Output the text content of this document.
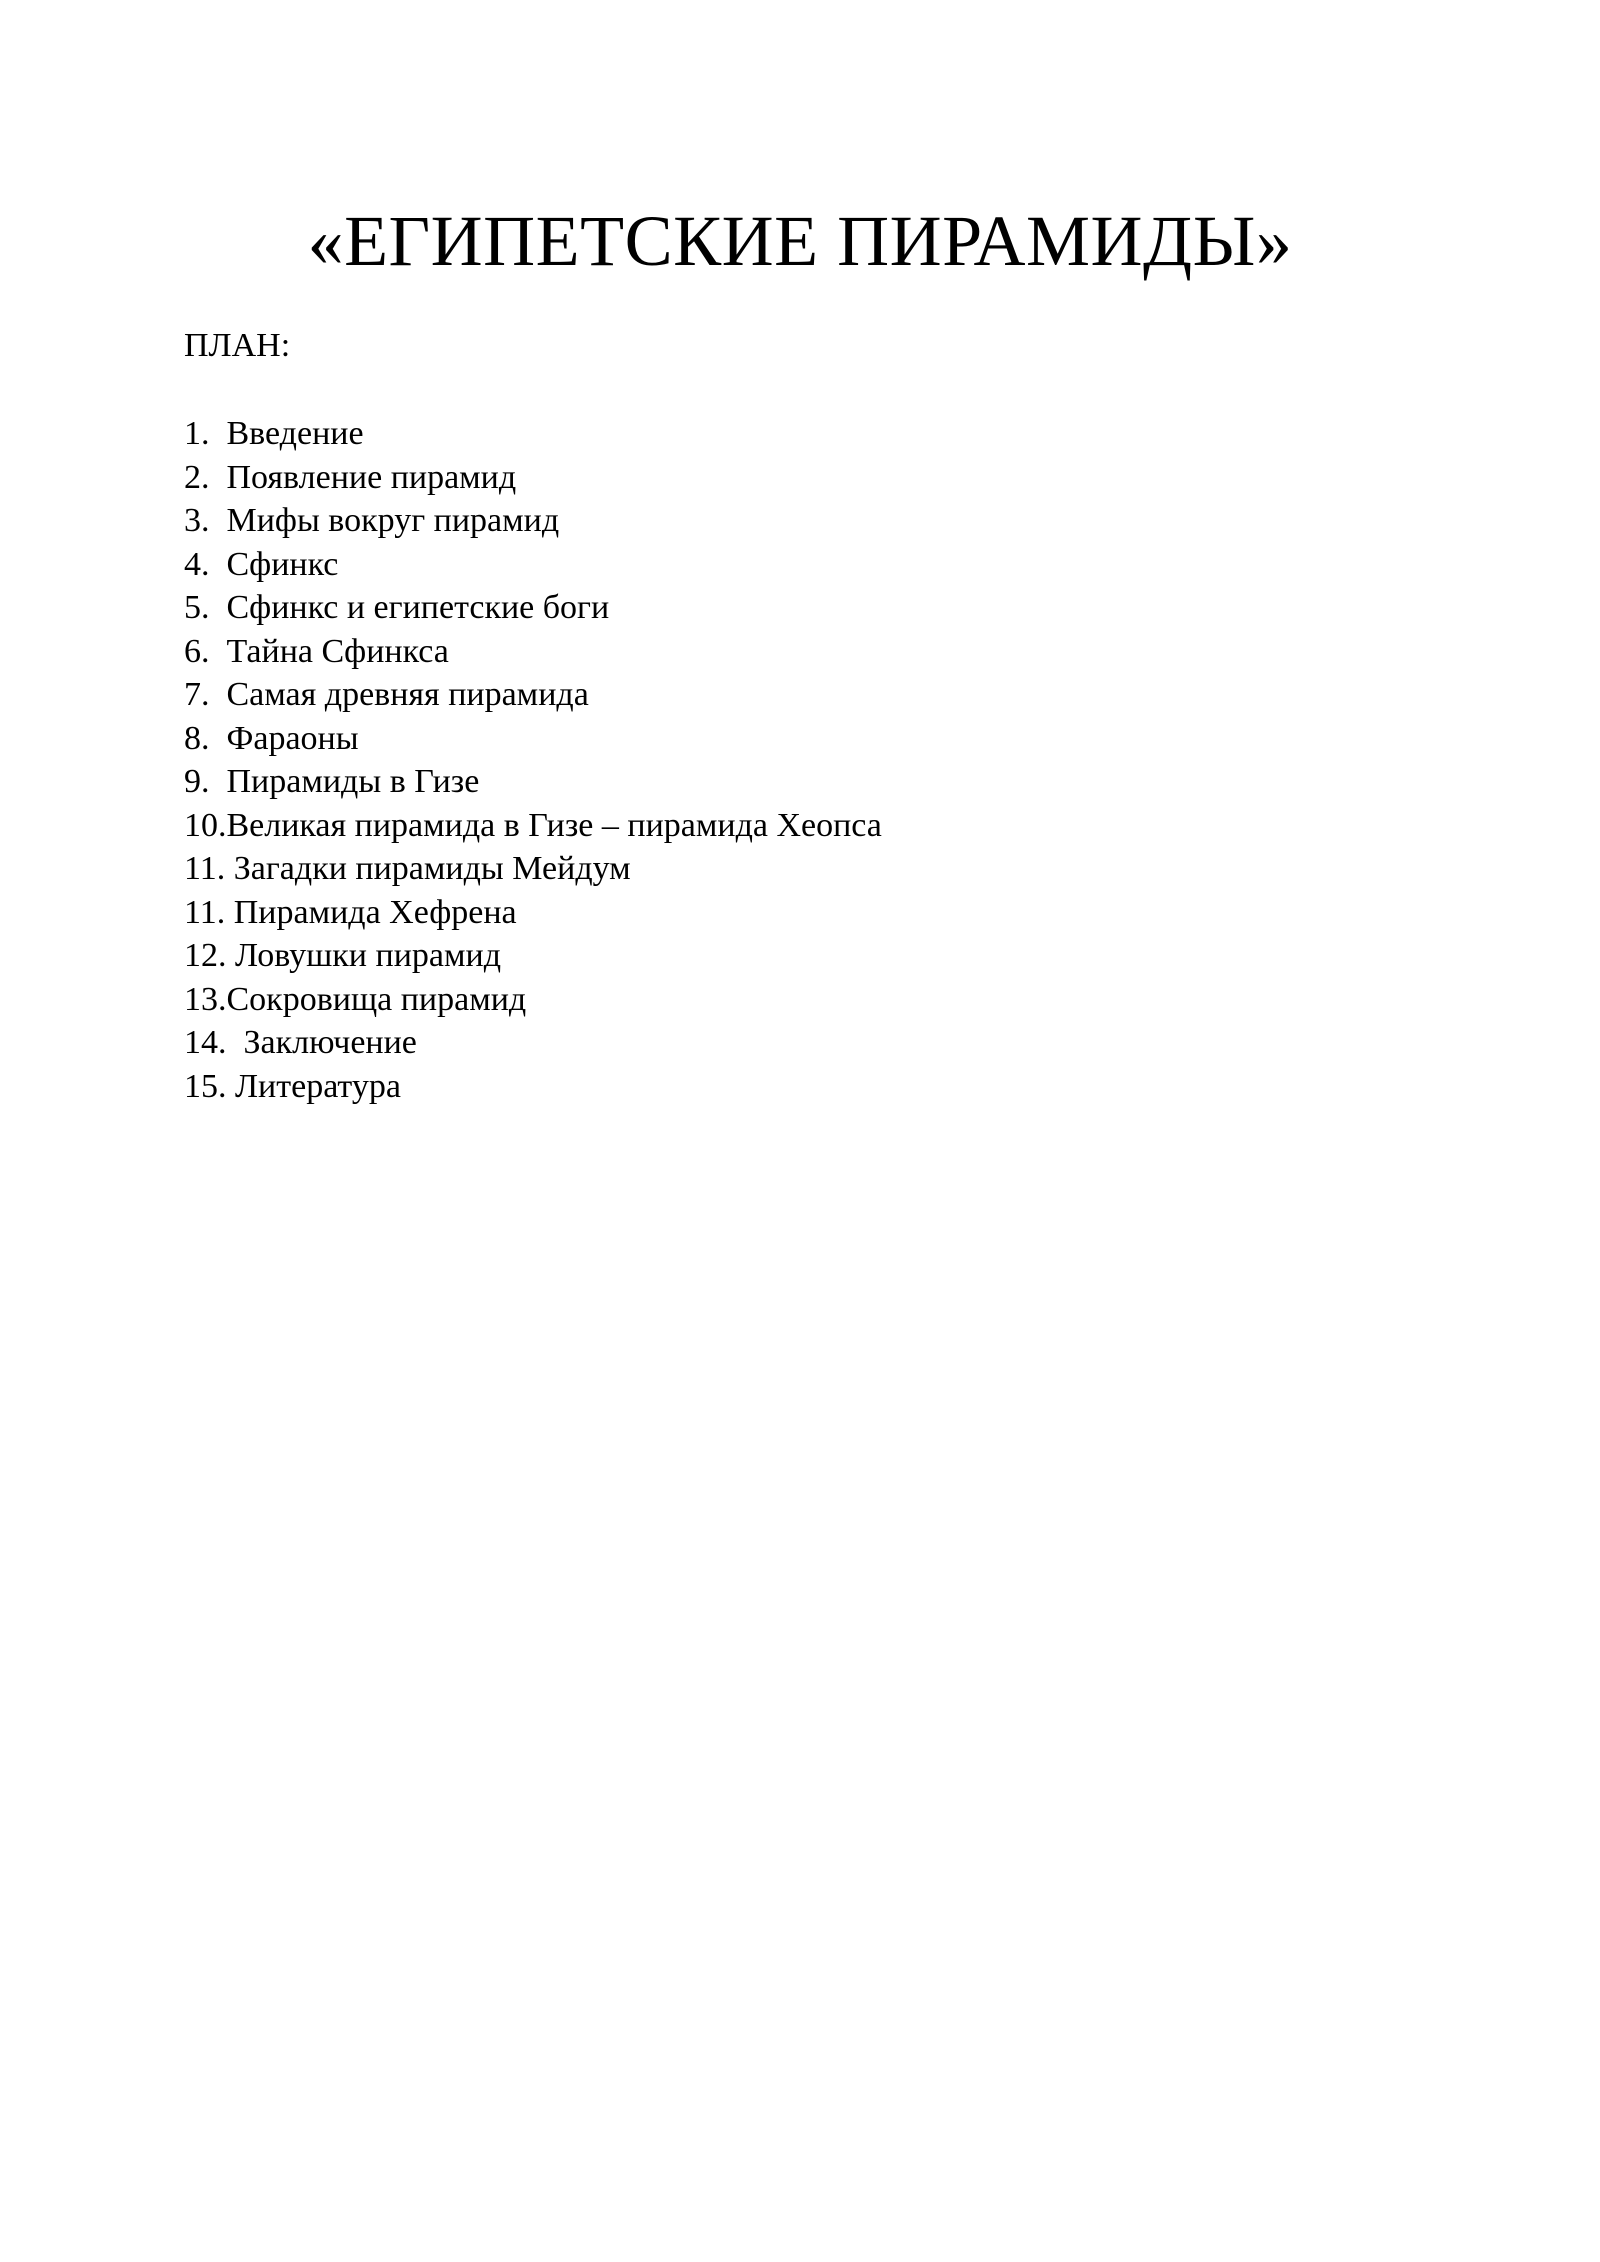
«ЕГИПЕТСКИЕ ПИРАМИДЫ»
ПЛАН:
1.  Введение
2.  Появление пирамид
3.  Мифы вокруг пирамид
4.  Сфинкс
5.  Сфинкс и египетские боги
6.  Тайна Сфинкса
7.  Самая древняя пирамида
8.  Фараоны
9.  Пирамиды в Гизе
10.Великая пирамида в Гизе – пирамида Хеопса
11. Загадки пирамиды Мейдум
11. Пирамида Хефрена
12. Ловушки пирамид
13.Сокровища пирамид
14.  Заключение
15. Литература
